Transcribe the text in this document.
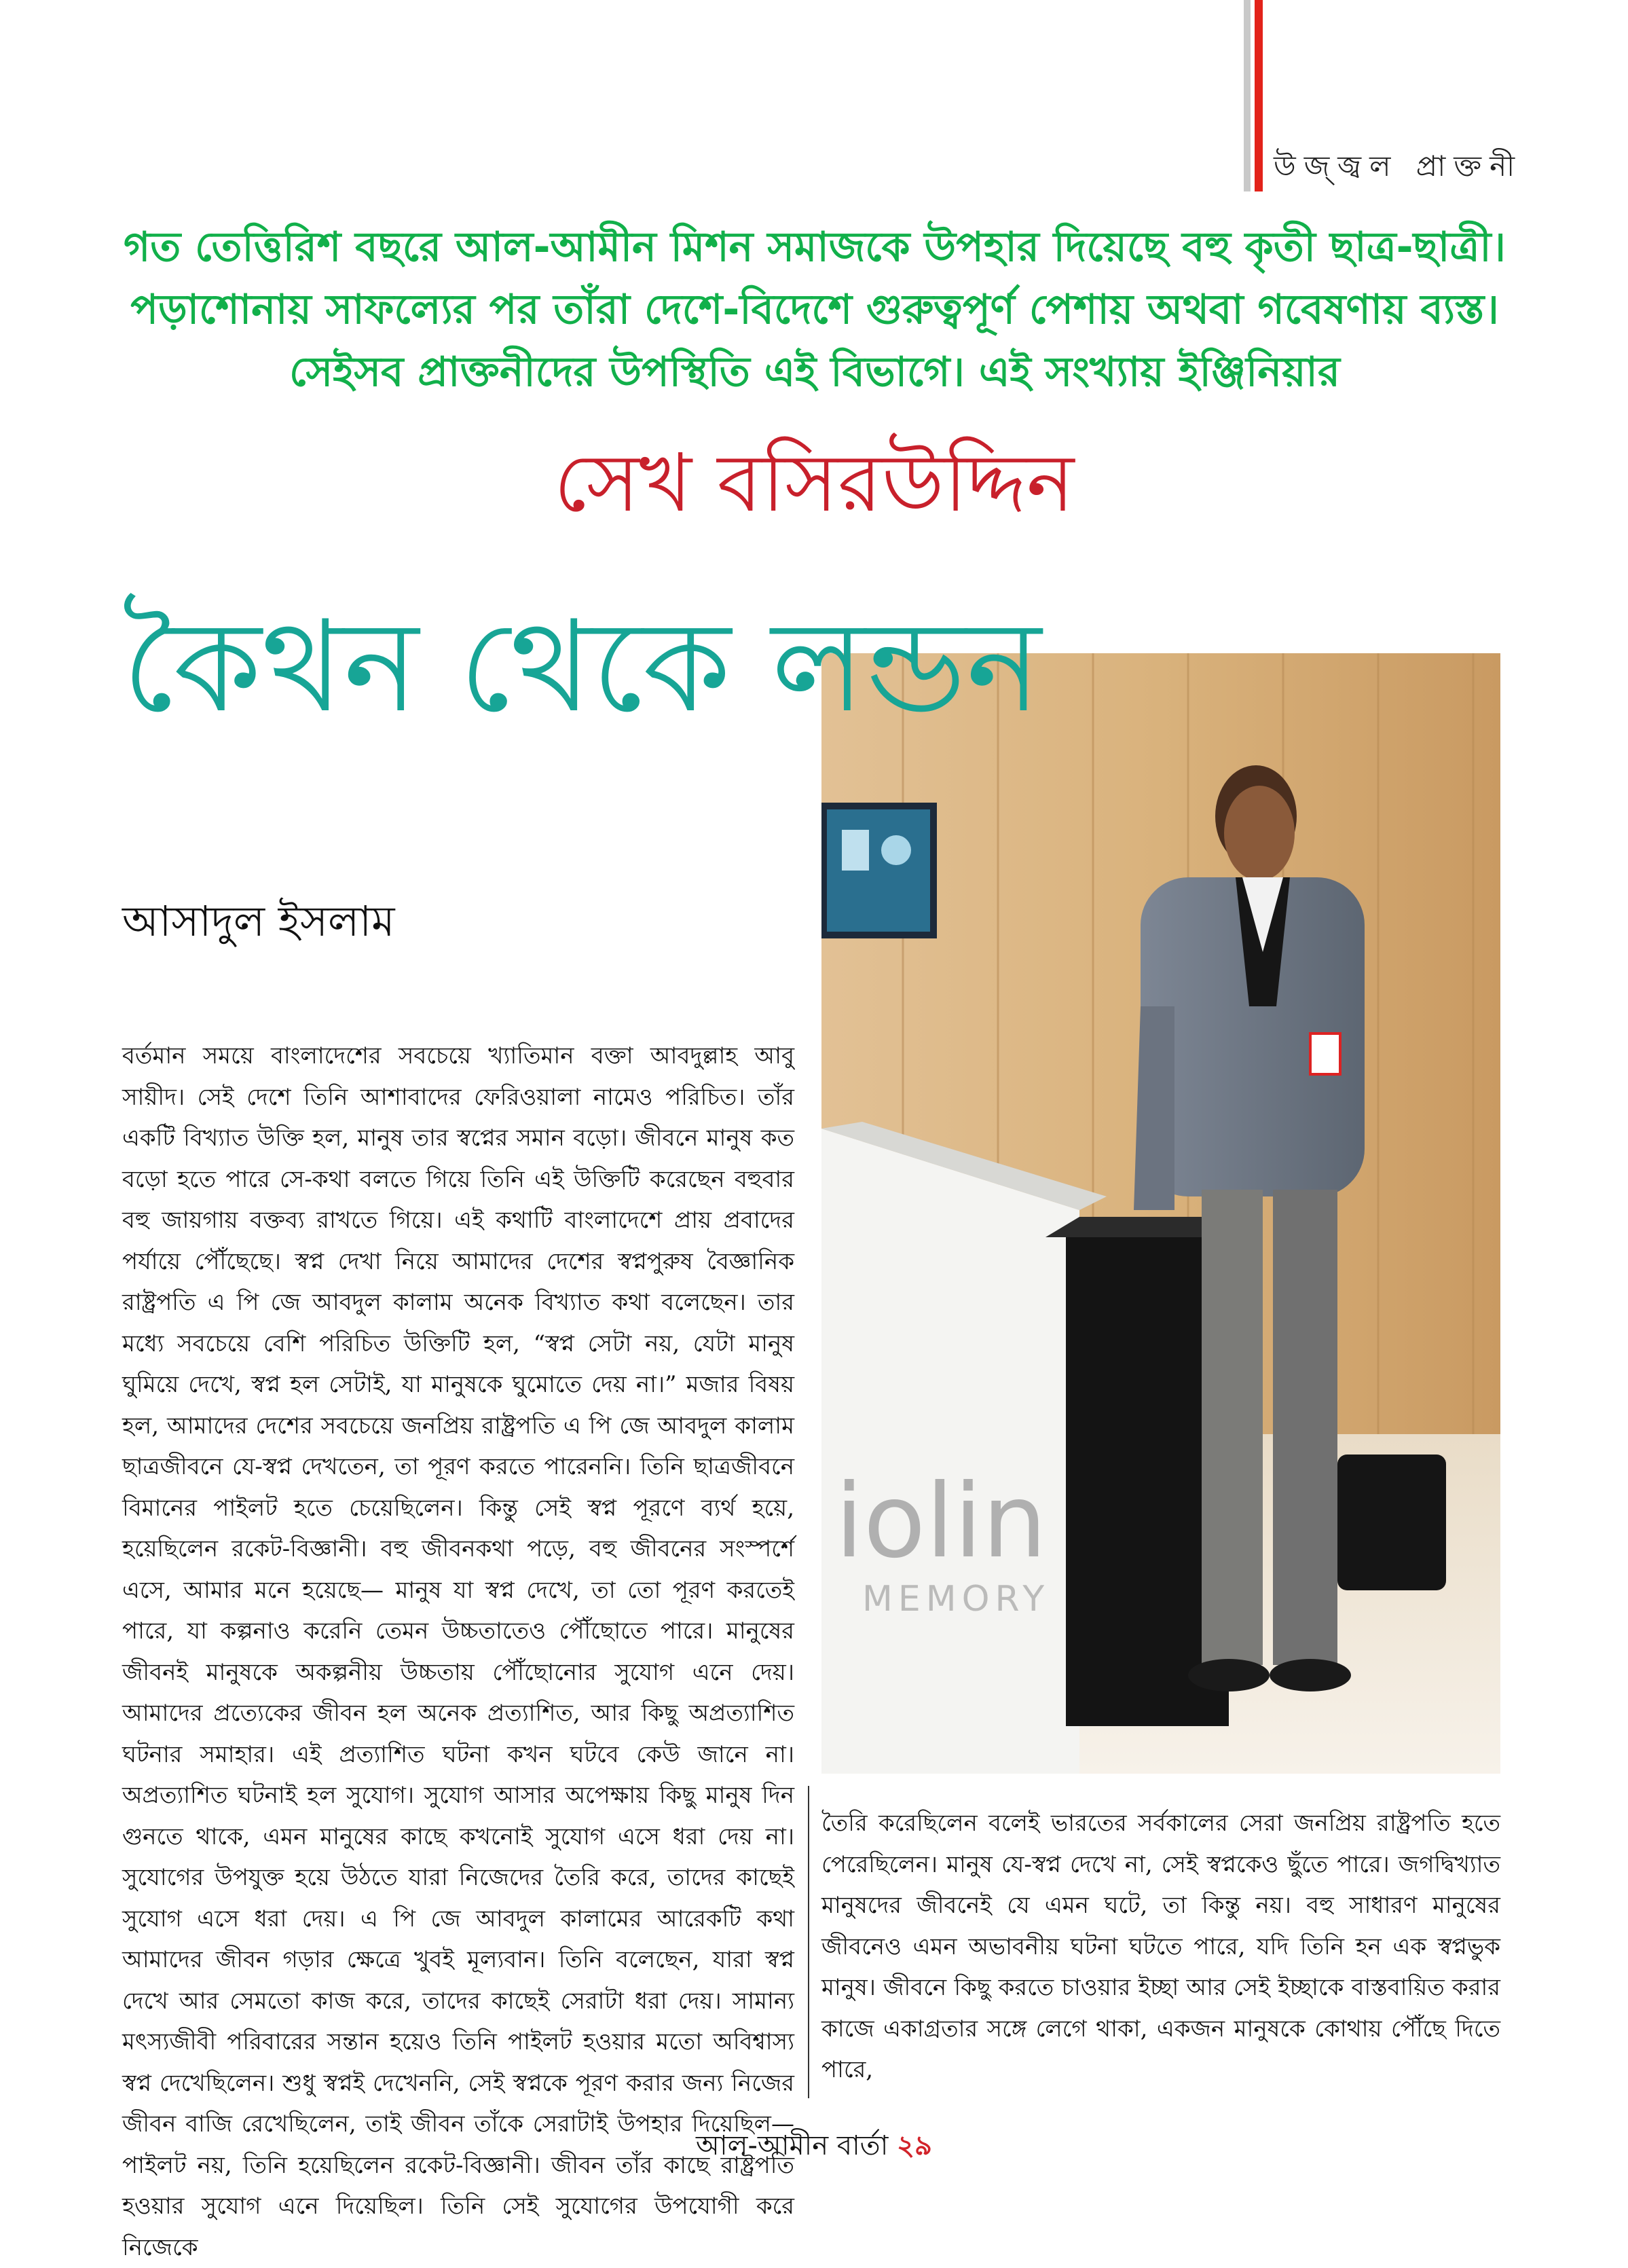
উজ্জ্বল প্রাক্তনী
গত তেত্তিরিশ বছরে আল-আমীন মিশন সমাজকে উপহার দিয়েছে বহু কৃতী ছাত্র-ছাত্রী।
পড়াশোনায় সাফল্যের পর তাঁরা দেশে-বিদেশে গুরুত্বপূর্ণ পেশায় অথবা গবেষণায় ব্যস্ত।
সেইসব প্রাক্তনীদের উপস্থিতি এই বিভাগে। এই সংখ্যায় ইঞ্জিনিয়ার
সেখ বসিরউদ্দিন
iolin
MEMORY
কৈথন থেকে লন্ডন
আসাদুল ইসলাম
বর্তমান সময়ে বাংলাদেশের সবচেয়ে খ্যাতিমান বক্তা আবদুল্লাহ আবু সায়ীদ। সেই দেশে তিনি আশাবাদের ফেরিওয়ালা নামেও পরিচিত। তাঁর একটি বিখ্যাত উক্তি হল, মানুষ তার স্বপ্নের সমান বড়ো। জীবনে মানুষ কত বড়ো হতে পারে সে-কথা বলতে গিয়ে তিনি এই উক্তিটি করেছেন বহুবার বহু জায়গায় বক্তব্য রাখতে গিয়ে। এই কথাটি বাংলাদেশে প্রায় প্রবাদের পর্যায়ে পৌঁছেছে। স্বপ্ন দেখা নিয়ে আমাদের দেশের স্বপ্নপুরুষ বৈজ্ঞানিক রাষ্ট্রপতি এ পি জে আবদুল কালাম অনেক বিখ্যাত কথা বলেছেন। তার মধ্যে সবচেয়ে বেশি পরিচিত উক্তিটি হল, “স্বপ্ন সেটা নয়, যেটা মানুষ ঘুমিয়ে দেখে, স্বপ্ন হল সেটাই, যা মানুষকে ঘুমোতে দেয় না।” মজার বিষয় হল, আমাদের দেশের সবচেয়ে জনপ্রিয় রাষ্ট্রপতি এ পি জে আবদুল কালাম ছাত্রজীবনে যে-স্বপ্ন দেখতেন, তা পূরণ করতে পারেননি। তিনি ছাত্রজীবনে বিমানের পাইলট হতে চেয়েছিলেন। কিন্তু সেই স্বপ্ন পূরণে ব্যর্থ হয়ে, হয়েছিলেন রকেট-বিজ্ঞানী। বহু জীবনকথা পড়ে, বহু জীবনের সংস্পর্শে এসে, আমার মনে হয়েছে— মানুষ যা স্বপ্ন দেখে, তা তো পূরণ করতেই পারে, যা কল্পনাও করেনি তেমন উচ্চতাতেও পৌঁছোতে পারে। মানুষের জীবনই মানুষকে অকল্পনীয় উচ্চতায় পৌঁছোনোর সুযোগ এনে দেয়। আমাদের প্রত্যেকের জীবন হল অনেক প্রত্যাশিত, আর কিছু অপ্রত্যাশিত ঘটনার সমাহার। এই প্রত্যাশিত ঘটনা কখন ঘটবে কেউ জানে না। অপ্রত্যাশিত ঘটনাই হল সুযোগ। সুযোগ আসার অপেক্ষায় কিছু মানুষ দিন গুনতে থাকে, এমন মানুষের কাছে কখনোই সুযোগ এসে ধরা দেয় না। সুযোগের উপযুক্ত হয়ে উঠতে যারা নিজেদের তৈরি করে, তাদের কাছেই সুযোগ এসে ধরা দেয়। এ পি জে আবদুল কালামের আরেকটি কথা আমাদের জীবন গড়ার ক্ষেত্রে খুবই মূল্যবান। তিনি বলেছেন, যারা স্বপ্ন দেখে আর সেমতো কাজ করে, তাদের কাছেই সেরাটা ধরা দেয়। সামান্য মৎস্যজীবী পরিবারের সন্তান হয়েও তিনি পাইলট হওয়ার মতো অবিশ্বাস্য স্বপ্ন দেখেছিলেন। শুধু স্বপ্নই দেখেননি, সেই স্বপ্নকে পূরণ করার জন্য নিজের জীবন বাজি রেখেছিলেন, তাই জীবন তাঁকে সেরাটাই উপহার দিয়েছিল— পাইলট নয়, তিনি হয়েছিলেন রকেট-বিজ্ঞানী। জীবন তাঁর কাছে রাষ্ট্রপতি হওয়ার সুযোগ এনে দিয়েছিল। তিনি সেই সুযোগের উপযোগী করে নিজেকে
তৈরি করেছিলেন বলেই ভারতের সর্বকালের সেরা জনপ্রিয় রাষ্ট্রপতি হতে পেরেছিলেন। মানুষ যে-স্বপ্ন দেখে না, সেই স্বপ্নকেও ছুঁতে পারে। জগদ্বিখ্যাত মানুষদের জীবনেই যে এমন ঘটে, তা কিন্তু নয়। বহু সাধারণ মানুষের জীবনেও এমন অভাবনীয় ঘটনা ঘটতে পারে, যদি তিনি হন এক স্বপ্নভুক মানুষ। জীবনে কিছু করতে চাওয়ার ইচ্ছা আর সেই ইচ্ছাকে বাস্তবায়িত করার কাজে একাগ্রতার সঙ্গে লেগে থাকা, একজন মানুষকে কোথায় পৌঁছে দিতে পারে,
আল-আমীন বার্তা ২৯
